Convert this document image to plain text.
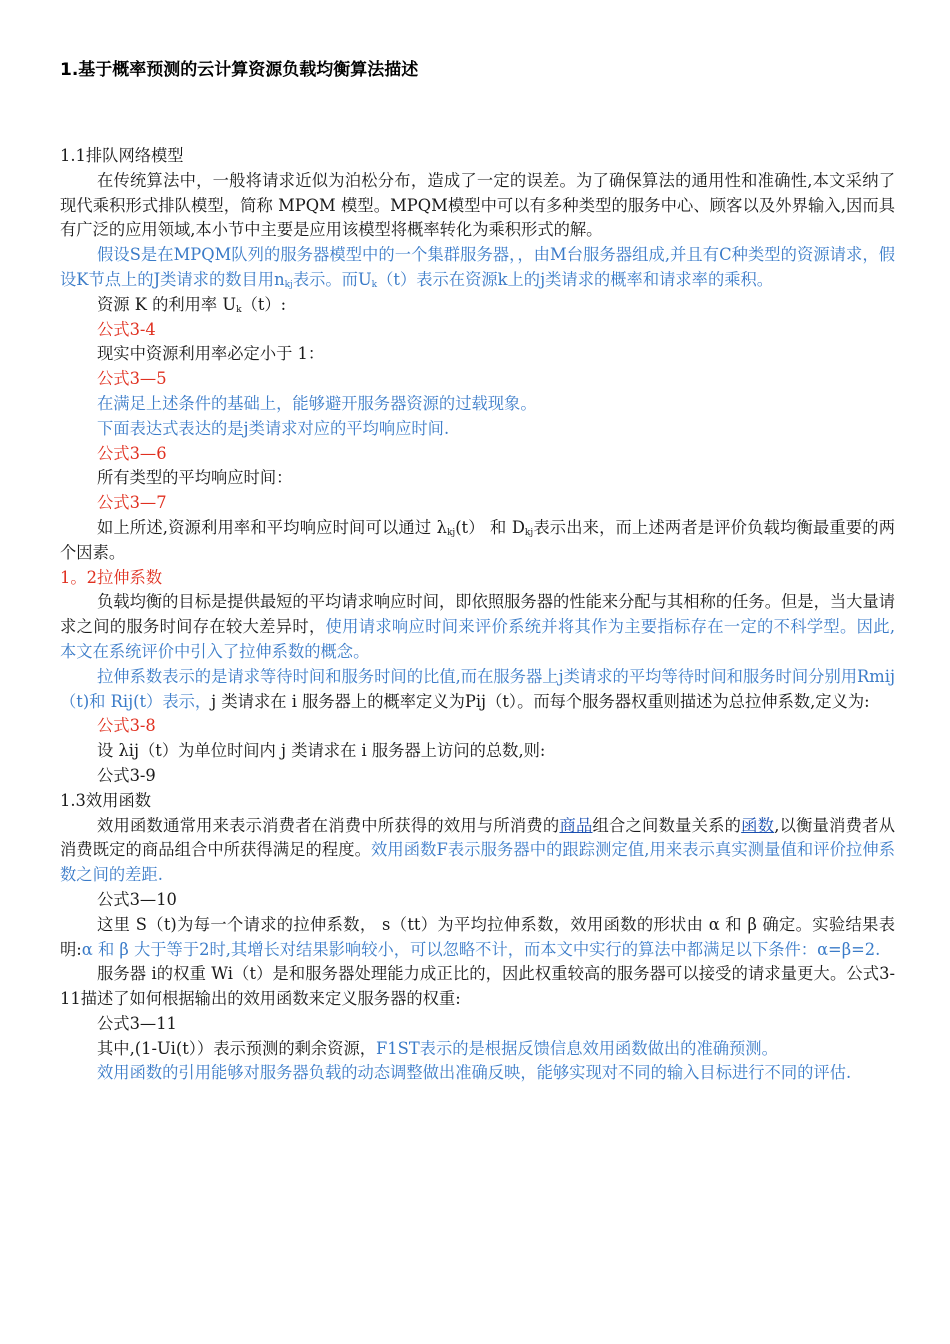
1.基于概率预测的云计算资源负载均衡算法描述
1.1排队网络模型

在传统算法中，一般将请求近似为泊松分布，造成了一定的误差。为了确保算法的通用性和准确性,本文采纳了现代乘积形式排队模型，简称 MPQM 模型。MPQM模型中可以有多种类型的服务中心、顾客以及外界输入,因而具有广泛的应用领域,本小节中主要是应用该模型将概率转化为乘积形式的解。

假设S是在MPQM队列的服务器模型中的一个集群服务器，，由M台服务器组成,并且有C种类型的资源请求，假设K节点上的J类请求的数目用$n_{kj}$表示。而$U_k(t)$表示在资源k上的j类请求的概率和请求率的乘积。

资源 K 的利用率 $U_k(t)$:

公式3-4

现实中资源利用率必定小于 1：

公式3—5

在满足上述条件的基础上，能够避开服务器资源的过载现象。

下面表达式表达的是j类请求对应的平均响应时间.

公式3—6

所有类型的平均响应时间：

公式3—7

如上所述,资源利用率和平均响应时间可以通过 $\lambda_{kj}(t)$ 和 $D_{kj}$表示出来，而上述两者是评价负载均衡最重要的两个因素。

1。2拉伸系数

负载均衡的目标是提供最短的平均请求响应时间，即依照服务器的性能来分配与其相称的任务。但是，当大量请求之间的服务时间存在较大差异时，使用请求响应时间来评价系统并将其作为主要指标存在一定的不科学型。因此,本文在系统评价中引入了拉伸系数的概念。

拉伸系数表示的是请求等待时间和服务时间的比值,而在服务器上j类请求的平均等待时间和服务时间分别用Rmij（t)和 Rij(t）表示，j 类请求在 i 服务器上的概率定义为Pij（t）。而每个服务器权重则描述为总拉伸系数,定义为:

公式3-8

设 λij（t）为单位时间内 j 类请求在 i 服务器上访问的总数,则:

公式3-9

1.3效用函数

效用函数通常用来表示消费者在消费中所获得的效用与所消费的商品组合之间数量关系的函数,以衡量消费者从消费既定的商品组合中所获得满足的程度。效用函数F表示服务器中的跟踪测定值,用来表示真实测量值和评价拉伸系数之间的差距.

公式3—10

这里 S（t)为每一个请求的拉伸系数， s（tt）为平均拉伸系数，效用函数的形状由 α 和 β 确定。实验结果表明:α 和 β 大于等于2时,其增长对结果影响较小，可以忽略不计，而本文中实行的算法中都满足以下条件：α=β=2.

服务器 i的权重 Wi（t）是和服务器处理能力成正比的，因此权重较高的服务器可以接受的请求量更大。公式3-11描述了如何根据输出的效用函数来定义服务器的权重:

公式3—11

其中,(1-Ui(t））表示预测的剩余资源，F1ST表示的是根据反馈信息效用函数做出的准确预测。

效用函数的引用能够对服务器负载的动态调整做出准确反映，能够实现对不同的输入目标进行不同的评估.
